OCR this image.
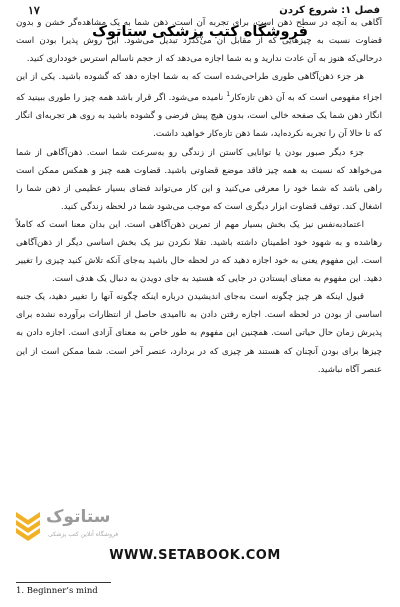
فصل ۱: شروع کردن
۱۷

آگاهی به آنچه در سطح ذهن است، برای تجربه آن است. ذهن شما به یک مشاهده‌گر خشن و بدون قضاوت نسبت به چیزهایی که از مقابل آن می‌گذرد تبدیل می‌شود. این روش پذیرا بودن است درحالی‌که هنوز به آن عادت ندارید و به شما اجازه می‌دهد که از حجم ناسالم استرس خودداری کنید.

هر جزء ذهن‌آگاهی طوری طراحی‌شده است که به شما اجازه دهد که گشوده باشید. یکی از این اجزاء مفهومی است که به آن ذهن تازه‌کار$^1$ نامیده می‌شود. اگر قرار باشد همه چیز را طوری ببینید که انگار ذهن شما یک صفحه خالی است، بدون هیچ پیش فرضی و گشوده باشید به روی هر تجربه‌ای انگار که تا حالا آن را تجربه نکرده‌اید، شما ذهن تازه‌کار خواهید داشت.

جزء دیگر صبور بودن یا توانایی کاستن از زندگی رو به‌سرعت شما است. ذهن‌آگاهی از شما می‌خواهد که نسبت به همه چیز فاقد موضع قضاوتی باشید. قضاوت همه چیز و همکس ممکن است راهی باشد که شما خود را معرفی می‌کنید و این کار می‌تواند فضای بسیار عظیمی از ذهن شما را اشغال کند. توقف قضاوت ابزار دیگری است که موجب می‌شود شما در لحظه زندگی کنید.

اعتمادبه‌نفس نیز یک بخش بسیار مهم از تمرین ذهن‌آگاهی است. این بدان معنا است که کاملاً رهاشده و به شهود خود اطمینان داشته باشید. تقلا نکردن نیز یک بخش اساسی دیگر از ذهن‌آگاهی است. این مفهوم یعنی به خود اجازه دهید که در لحظه حال باشید به‌جای آنکه تلاش کنید چیزی را تغییر دهید. این مفهوم به معنای ایستادن در جایی که هستید به جای دویدن به دنبال یک هدف است.

قبول اینکه هر چیز چگونه است به‌جای اندیشیدن درباره اینکه چگونه آنها را تغییر دهید، یک جنبه اساسی از بودن در لحظه است. اجازه رفتن دادن به ناامیدی حاصل از انتظارات برآورده نشده برای پذیرش زمان حال حیاتی است. همچنین این مفهوم به طور خاص به معنای آزادی است. اجازه دادن به چیزها برای بودن آنچنان که هستند هر چیزی که در بردارد، عنصر آخر است. شما ممکن است از این عنصر آگاه نباشید.

فروشگاه کتب پزشکی ستاتوک
ستاتوک
فروشگاه آنلاین کتب پزشکی
WWW.SETABOOK.COM
1. Beginner’s mind
